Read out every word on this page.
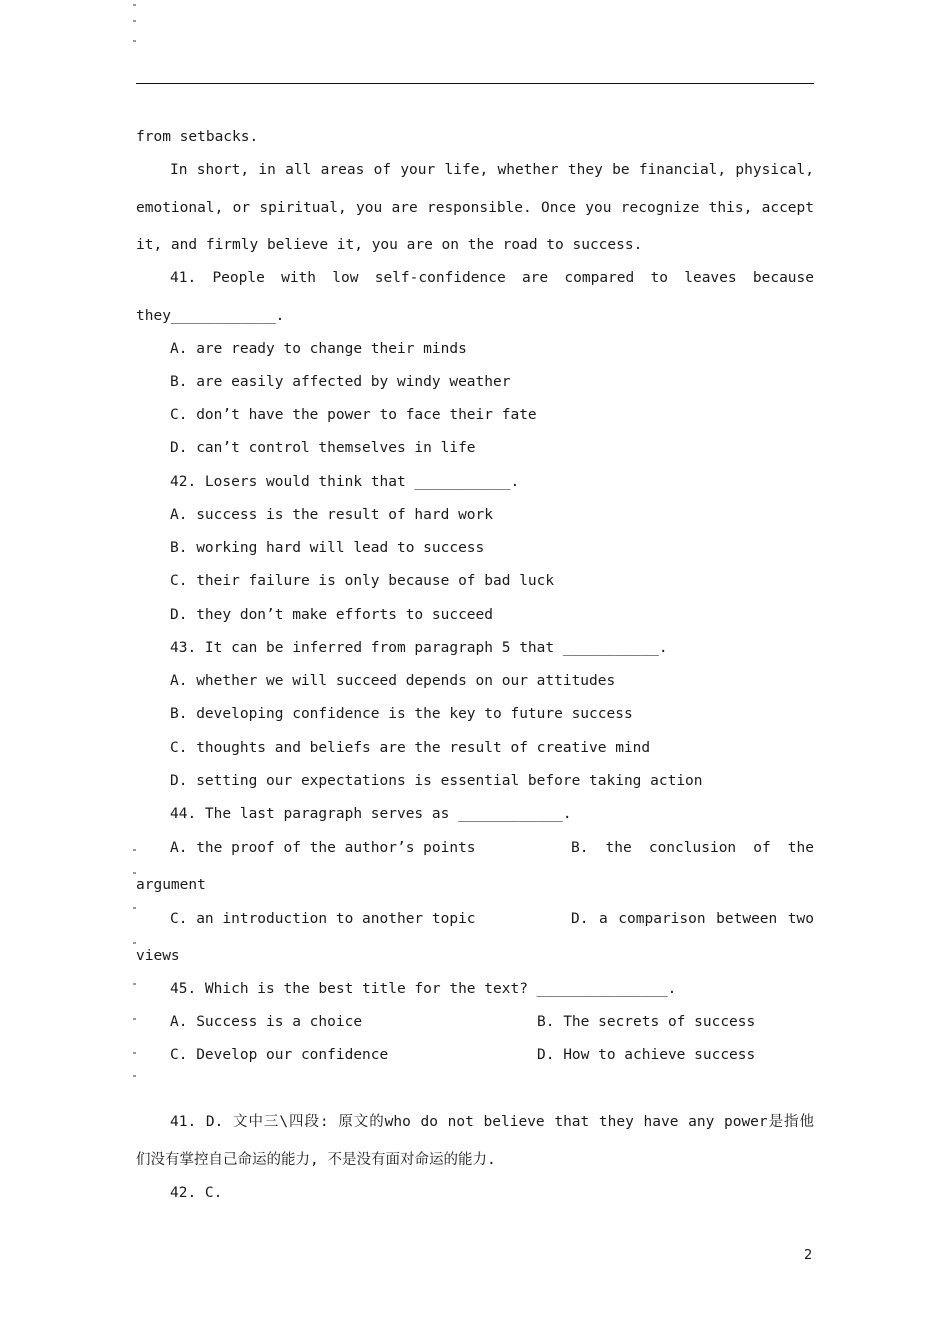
from setbacks.
In short, in all areas of your life, whether they be financial, physical,
emotional, or spiritual, you are responsible. Once you recognize this, accept
it, and firmly believe it, you are on the road to success.
41. People with low self-confidence are compared to leaves because
they____________.
A. are ready to change their minds
B. are easily affected by windy weather
C. don’t have the power to face their fate
D. can’t control themselves in life
42. Losers would think that ___________.
A. success is the result of hard work
B. working hard will lead to success
C. their failure is only because of bad luck
D. they don’t make efforts to succeed
43. It can be inferred from paragraph 5 that ___________.
A. whether we will succeed depends on our attitudes
B. developing confidence is the key to future success
C. thoughts and beliefs are the result of creative mind
D. setting our expectations is essential before taking action
44. The last paragraph serves as ____________.
A. the proof of the author’s points	B. the conclusion of the
argument
C. an introduction to another topic	D. a comparison between two
views
45. Which is the best title for the text? _______________.
A. Success is a choice	B. The secrets of success
C. Develop our confidence	D. How to achieve success
41. D. 文中三\四段: 原文的who do not believe that they have any power是指他
们没有掌控自己命运的能力, 不是没有面对命运的能力.
42. C.
2
